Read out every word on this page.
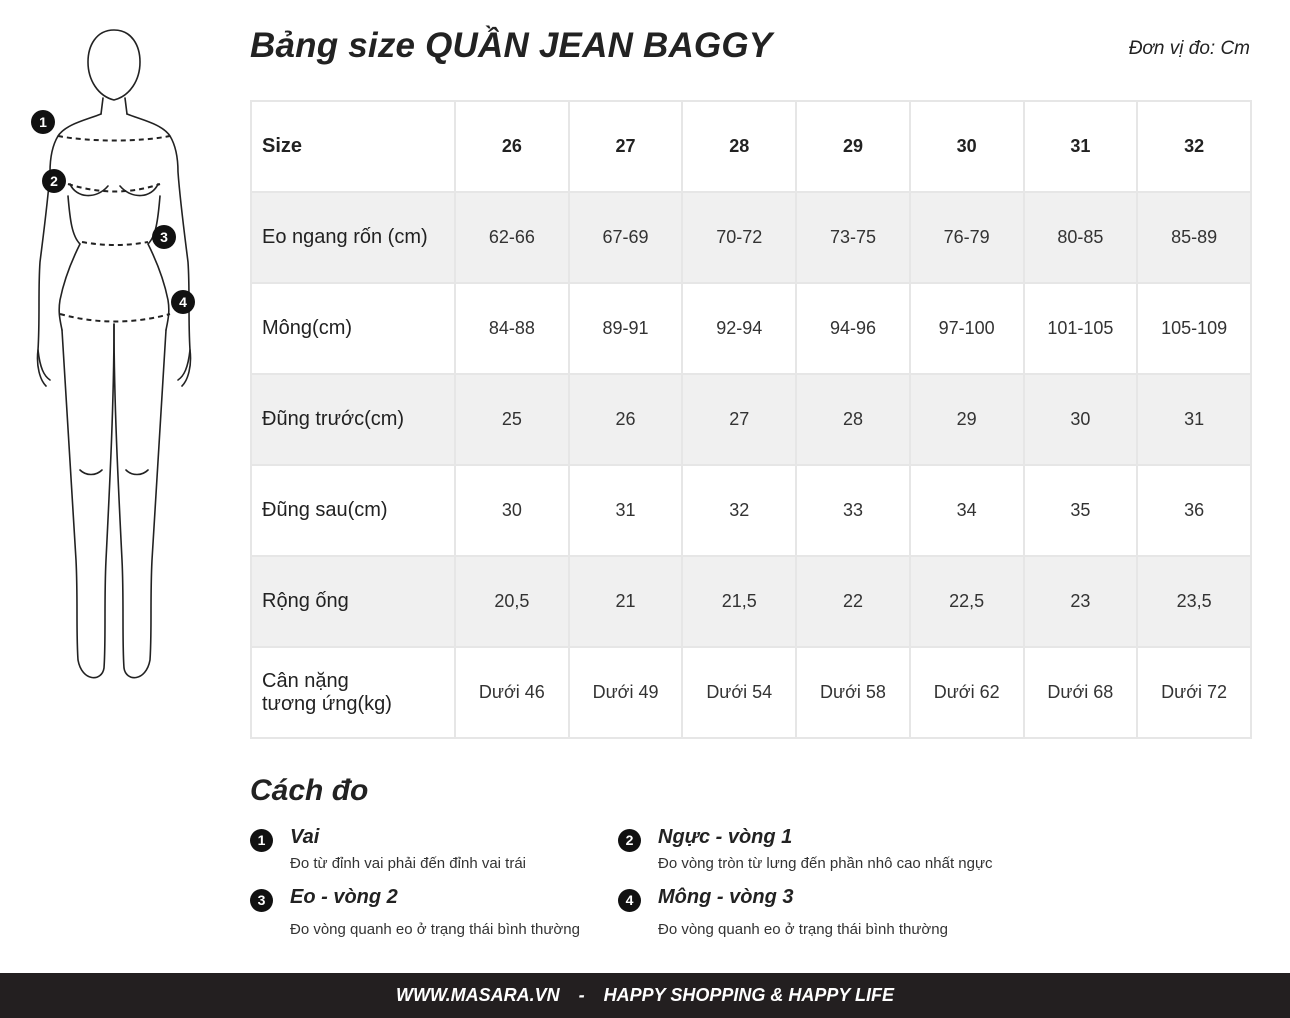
1
2
3
4
Bảng size QUẦN JEAN BAGGY	Đơn vị đo: Cm
Size	26	27	28	29	30	31	32
Eo ngang rốn (cm)	62-66	67-69	70-72	73-75	76-79	80-85	85-89
Mông(cm)	84-88	89-91	92-94	94-96	97-100	101-105	105-109
Đũng trước(cm)	25	26	27	28	29	30	31
Đũng sau(cm)	30	31	32	33	34	35	36
Rộng ống	20,5	21	21,5	22	22,5	23	23,5
Cân nặng
tương ứng(kg)	Dưới 46	Dưới 49	Dưới 54	Dưới 58	Dưới 62	Dưới 68	Dưới 72
Cách đo
1	Vai
Đo từ đỉnh vai phải đến đỉnh vai trái
2	Ngực - vòng 1
Đo vòng tròn từ lưng đến phần nhô cao nhất ngực
3	Eo - vòng 2
Đo vòng quanh eo ở trạng thái bình thường
4	Mông - vòng 3
Đo vòng quanh eo ở trạng thái bình thường
WWW.MASARA.VN - HAPPY SHOPPING & HAPPY LIFE
